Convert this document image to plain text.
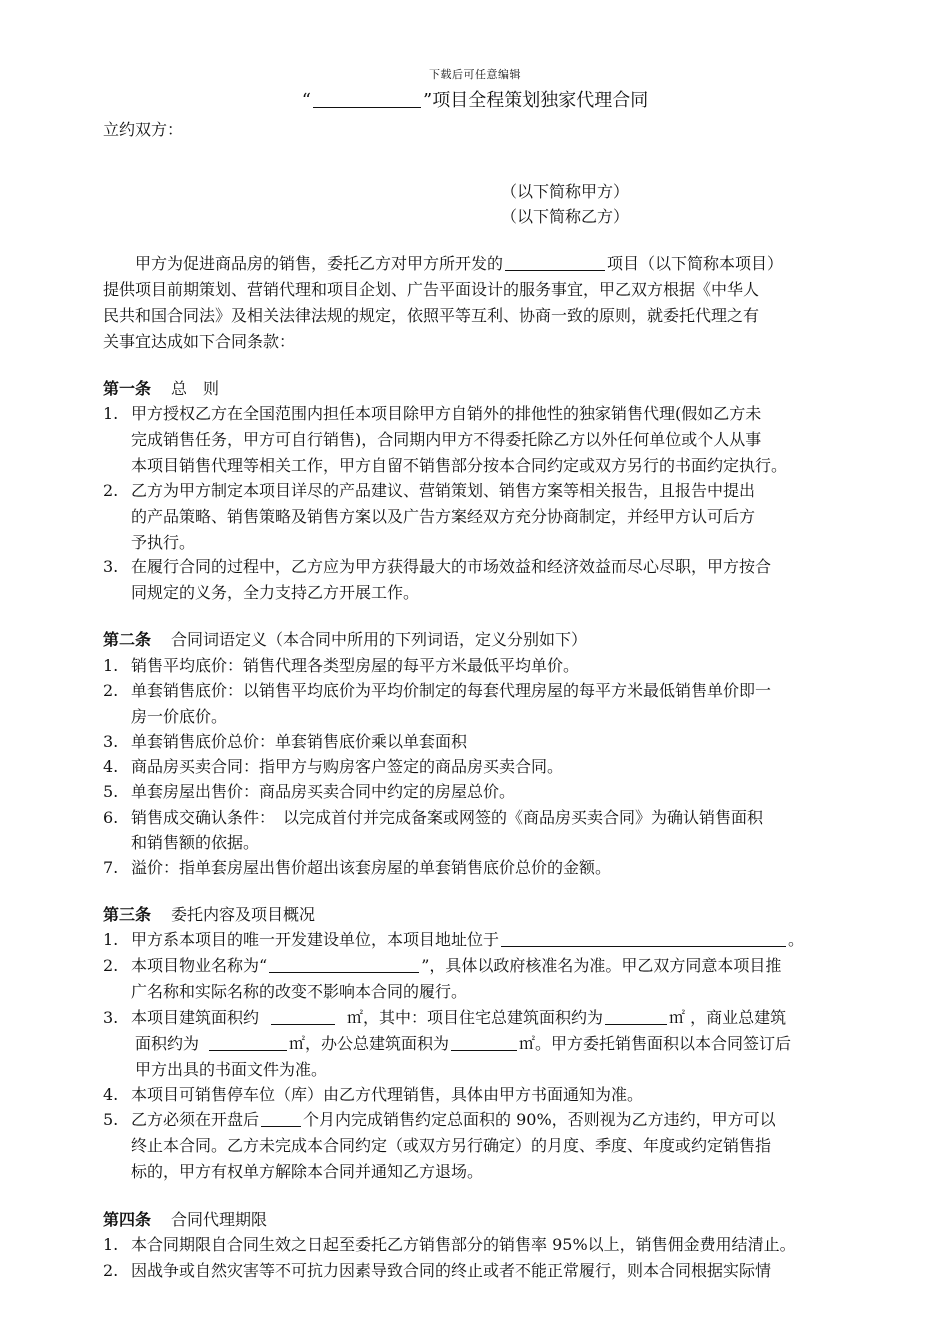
下载后可任意编辑
“	”项目全程策划独家代理合同
立约双方：
（以下简称甲方）
（以下简称乙方）
甲方为促进商品房的销售，委托乙方对甲方所开发的	项目（以下简称本项目）
提供项目前期策划、营销代理和项目企划、广告平面设计的服务事宜，甲乙双方根据《中华人
民共和国合同法》及相关法律法规的规定，依照平等互利、协商一致的原则，就委托代理之有
关事宜达成如下合同条款：
第一条 总　则
1. 甲方授权乙方在全国范围内担任本项目除甲方自销外的排他性的独家销售代理(假如乙方未
完成销售任务，甲方可自行销售)，合同期内甲方不得委托除乙方以外任何单位或个人从事
本项目销售代理等相关工作，甲方自留不销售部分按本合同约定或双方另行的书面约定执行。
2. 乙方为甲方制定本项目详尽的产品建议、营销策划、销售方案等相关报告，且报告中提出
的产品策略、销售策略及销售方案以及广告方案经双方充分协商制定，并经甲方认可后方
予执行。
3. 在履行合同的过程中，乙方应为甲方获得最大的市场效益和经济效益而尽心尽职，甲方按合
同规定的义务，全力支持乙方开展工作。
第二条 合同词语定义（本合同中所用的下列词语，定义分别如下）
1. 销售平均底价：销售代理各类型房屋的每平方米最低平均单价。
2. 单套销售底价：以销售平均底价为平均价制定的每套代理房屋的每平方米最低销售单价即一
房一价底价。
3. 单套销售底价总价：单套销售底价乘以单套面积
4. 商品房买卖合同：指甲方与购房客户签定的商品房买卖合同。
5. 单套房屋出售价：商品房买卖合同中约定的房屋总价。
6. 销售成交确认条件：　以完成首付并完成备案或网签的《商品房买卖合同》为确认销售面积
和销售额的依据。
7. 溢价：指单套房屋出售价超出该套房屋的单套销售底价总价的金额。
第三条 委托内容及项目概况
1. 甲方系本项目的唯一开发建设单位，本项目地址位于	。
2. 本项目物业名称为“	”，具体以政府核准名为准。甲乙双方同意本项目推
广名称和实际名称的改变不影响本合同的履行。
3. 本项目建筑面积约	㎡，其中：项目住宅总建筑面积约为	㎡ ，商业总建筑
面积约为	㎡，办公总建筑面积为	㎡。甲方委托销售面积以本合同签订后
甲方出具的书面文件为准。
4. 本项目可销售停车位（库）由乙方代理销售，具体由甲方书面通知为准。
5. 乙方必须在开盘后	个月内完成销售约定总面积的 90%，否则视为乙方违约，甲方可以
终止本合同。乙方未完成本合同约定（或双方另行确定）的月度、季度、年度或约定销售指
标的，甲方有权单方解除本合同并通知乙方退场。
第四条 合同代理期限
1. 本合同期限自合同生效之日起至委托乙方销售部分的销售率 95%以上，销售佣金费用结清止。
2. 因战争或自然灾害等不可抗力因素导致合同的终止或者不能正常履行，则本合同根据实际情
